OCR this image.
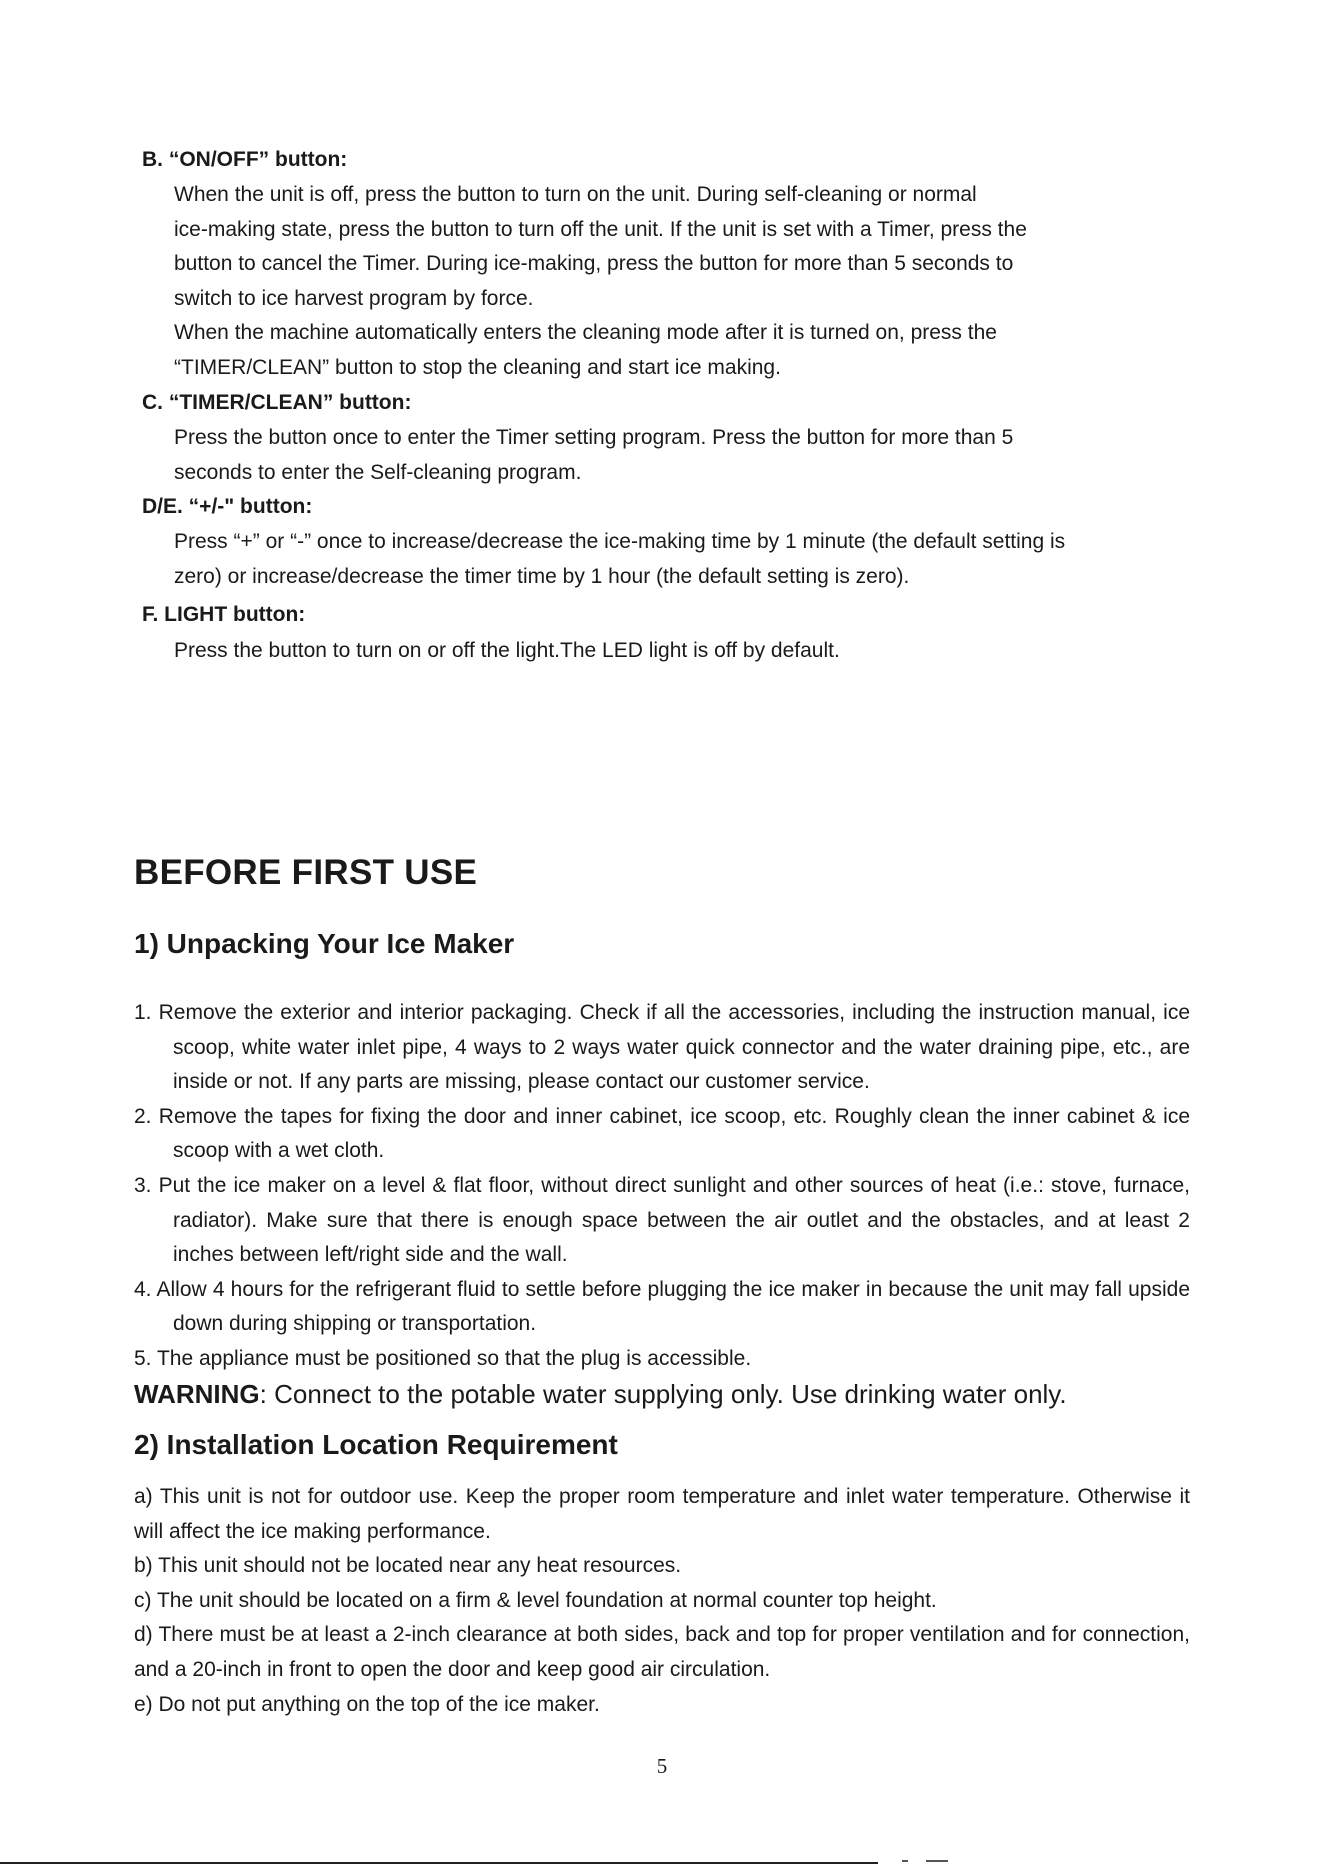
B. “ON/OFF” button:
When the unit is off, press the button to turn on the unit. During self-cleaning or normal
ice-making state, press the button to turn off the unit. If the unit is set with a Timer, press the
button to cancel the Timer. During ice-making, press the button for more than 5 seconds to
switch to ice harvest program by force.
When the machine automatically enters the cleaning mode after it is turned on, press the
“TIMER/CLEAN” button to stop the cleaning and start ice making.
C. “TIMER/CLEAN” button:
Press the button once to enter the Timer setting program. Press the button for more than 5
seconds to enter the Self-cleaning program.
D/E. “+/-" button:
Press “+” or “-” once to increase/decrease the ice-making time by 1 minute (the default setting is
zero) or increase/decrease the timer time by 1 hour (the default setting is zero).
F. LIGHT button:
Press the button to turn on or off the light.The LED light is off by default.
BEFORE FIRST USE
1) Unpacking Your Ice Maker
1. Remove the exterior and interior packaging. Check if all the accessories, including the instruction manual, ice scoop, white water inlet pipe, 4 ways to 2 ways water quick connector and the water draining pipe, etc., are inside or not. If any parts are missing, please contact our customer service.
2. Remove the tapes for fixing the door and inner cabinet, ice scoop, etc. Roughly clean the inner cabinet & ice scoop with a wet cloth.
3. Put the ice maker on a level & flat floor, without direct sunlight and other sources of heat (i.e.: stove, furnace, radiator). Make sure that there is enough space between the air outlet and the obstacles, and at least 2 inches between left/right side and the wall.
4. Allow 4 hours for the refrigerant fluid to settle before plugging the ice maker in because the unit may fall upside down during shipping or transportation.
5. The appliance must be positioned so that the plug is accessible.
WARNING: Connect to the potable water supplying only. Use drinking water only.
2) Installation Location Requirement
a) This unit is not for outdoor use. Keep the proper room temperature and inlet water temperature. Otherwise it will affect the ice making performance.
b) This unit should not be located near any heat resources.
c) The unit should be located on a firm & level foundation at normal counter top height.
d) There must be at least a 2-inch clearance at both sides, back and top for proper ventilation and for connection, and a 20-inch in front to open the door and keep good air circulation.
e) Do not put anything on the top of the ice maker.
5
